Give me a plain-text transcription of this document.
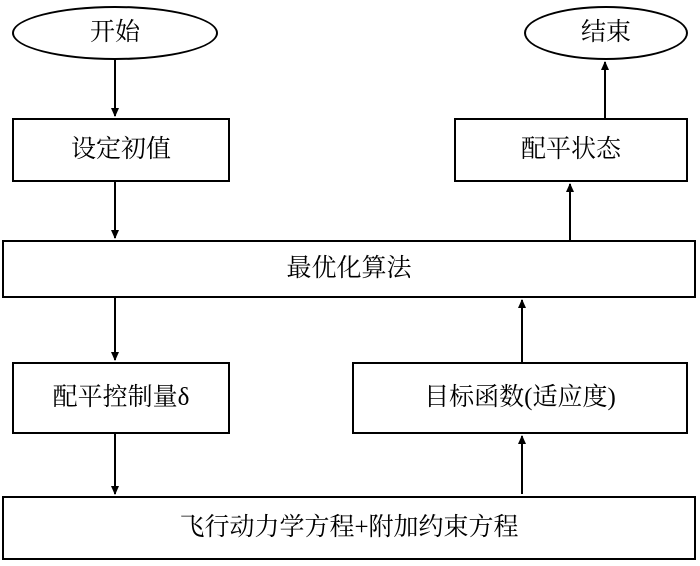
开始	结束
设定初值	配平状态
最优化算法
配平控制量δ	目标函数(适应度)
飞行动力学方程+附加约束方程
